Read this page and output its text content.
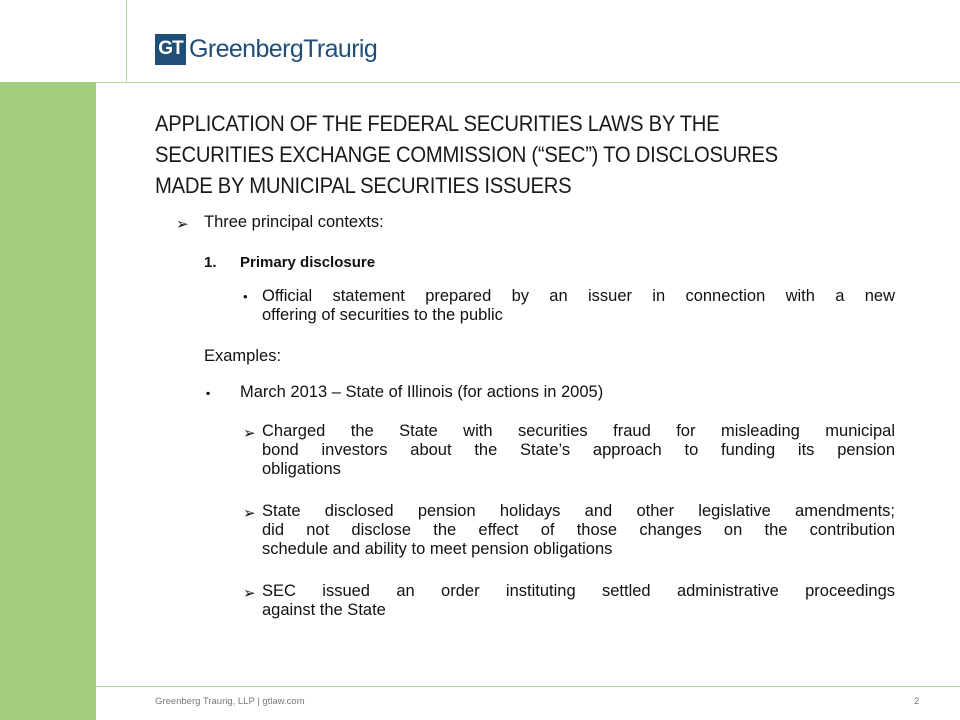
GT GreenbergTraurig
APPLICATION OF THE FEDERAL SECURITIES LAWS BY THE
SECURITIES EXCHANGE COMMISSION (“SEC”) TO DISCLOSURES
MADE BY MUNICIPAL SECURITIES ISSUERS
➢ Three principal contexts:
1. Primary disclosure
• Official statement prepared by an issuer in connection with a new
offering of securities to the public
Examples:
▪ March 2013 – State of Illinois (for actions in 2005)
➢ Charged the State with securities fraud for misleading municipal
bond investors about the State’s approach to funding its pension
obligations
➢ State disclosed pension holidays and other legislative amendments;
did not disclose the effect of those changes on the contribution
schedule and ability to meet pension obligations
➢ SEC issued an order instituting settled administrative proceedings
against the State
Greenberg Traurig, LLP | gtlaw.com	2
